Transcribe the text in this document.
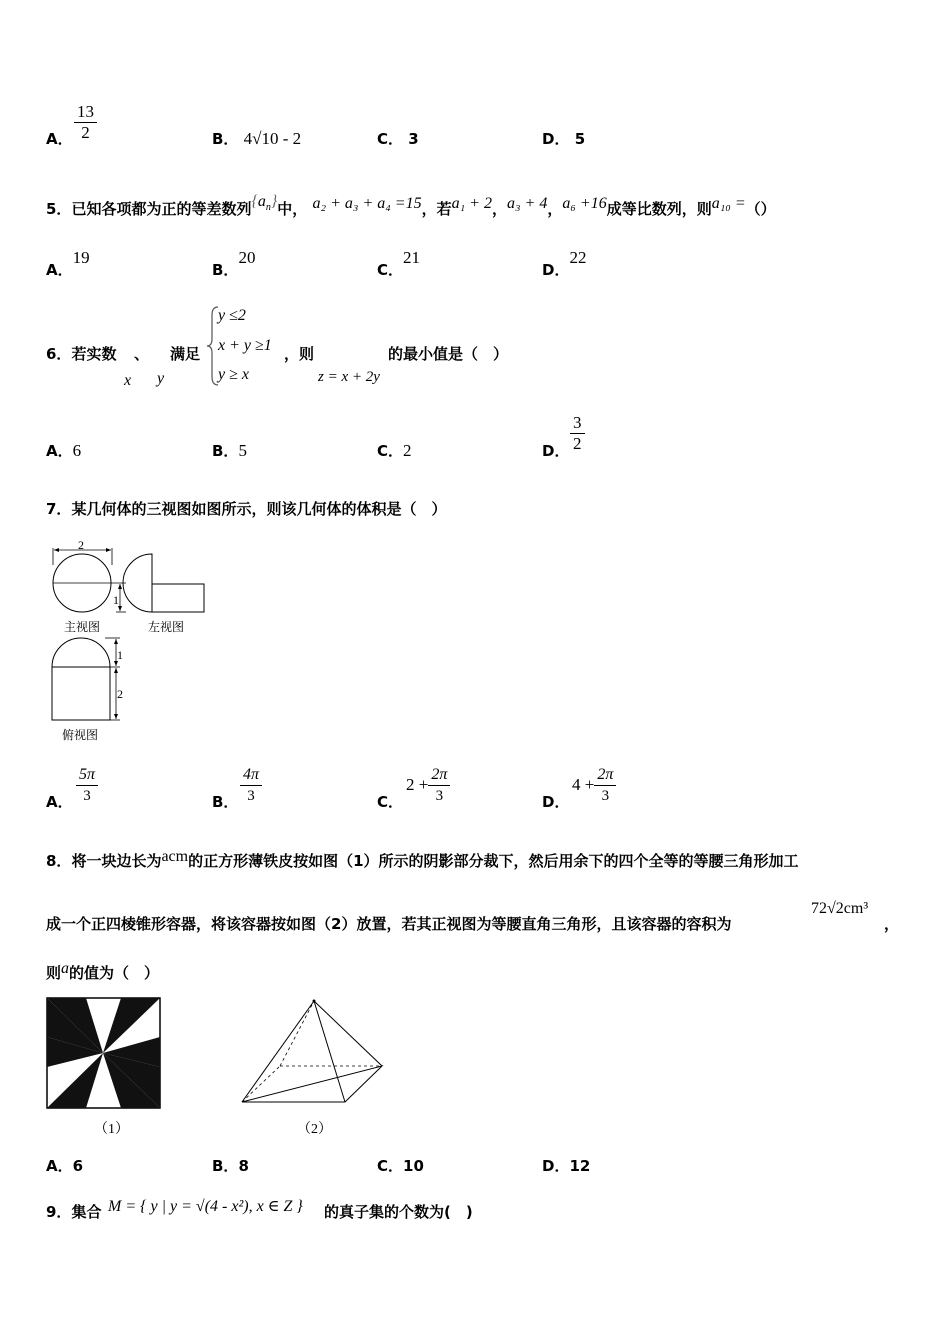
A． $\frac{13}{2}$	B． 4√10 - 2	C． 3	D． 5
5．已知各项都为正的等差数列$\{a_n\}$中， a₂ + a₃ + a₄ =15，若a₁ + 2，a₃ + 4，a₆ +16成等比数列，则a₁₀ =（）
A．19
B．20
C．21
D．22
6．若实数 、 满足
x y
y ≤2
x + y ≥1
y ≥ x
，则
z = x + 2y
的最小值是（　）
A．6	B．5	C．2	D． $\frac{3}{2}$
7．某几何体的三视图如图所示，则该几何体的体积是（　）
2
1
1
2
主视图	左视图
俯视图
A． $\frac{5\pi}{3}$	B． $\frac{4\pi}{3}$	C．
$2 + \frac{2\pi}{3}$	D．
$4 + \frac{2\pi}{3}$
8．将一块边长为acm的正方形薄铁皮按如图（1）所示的阴影部分裁下，然后用余下的四个全等的等腰三角形加工
成一个正四棱锥形容器，将该容器按如图（2）放置，若其正视图为等腰直角三角形，且该容器的容积为
72√2cm³
，
则a的值为（　）
（1）	（2）
A．6	B．8	C．10	D．12
9．集合 M = { y | y = √(4 - x²), x ∈ Z } 的真子集的个数为(　)
